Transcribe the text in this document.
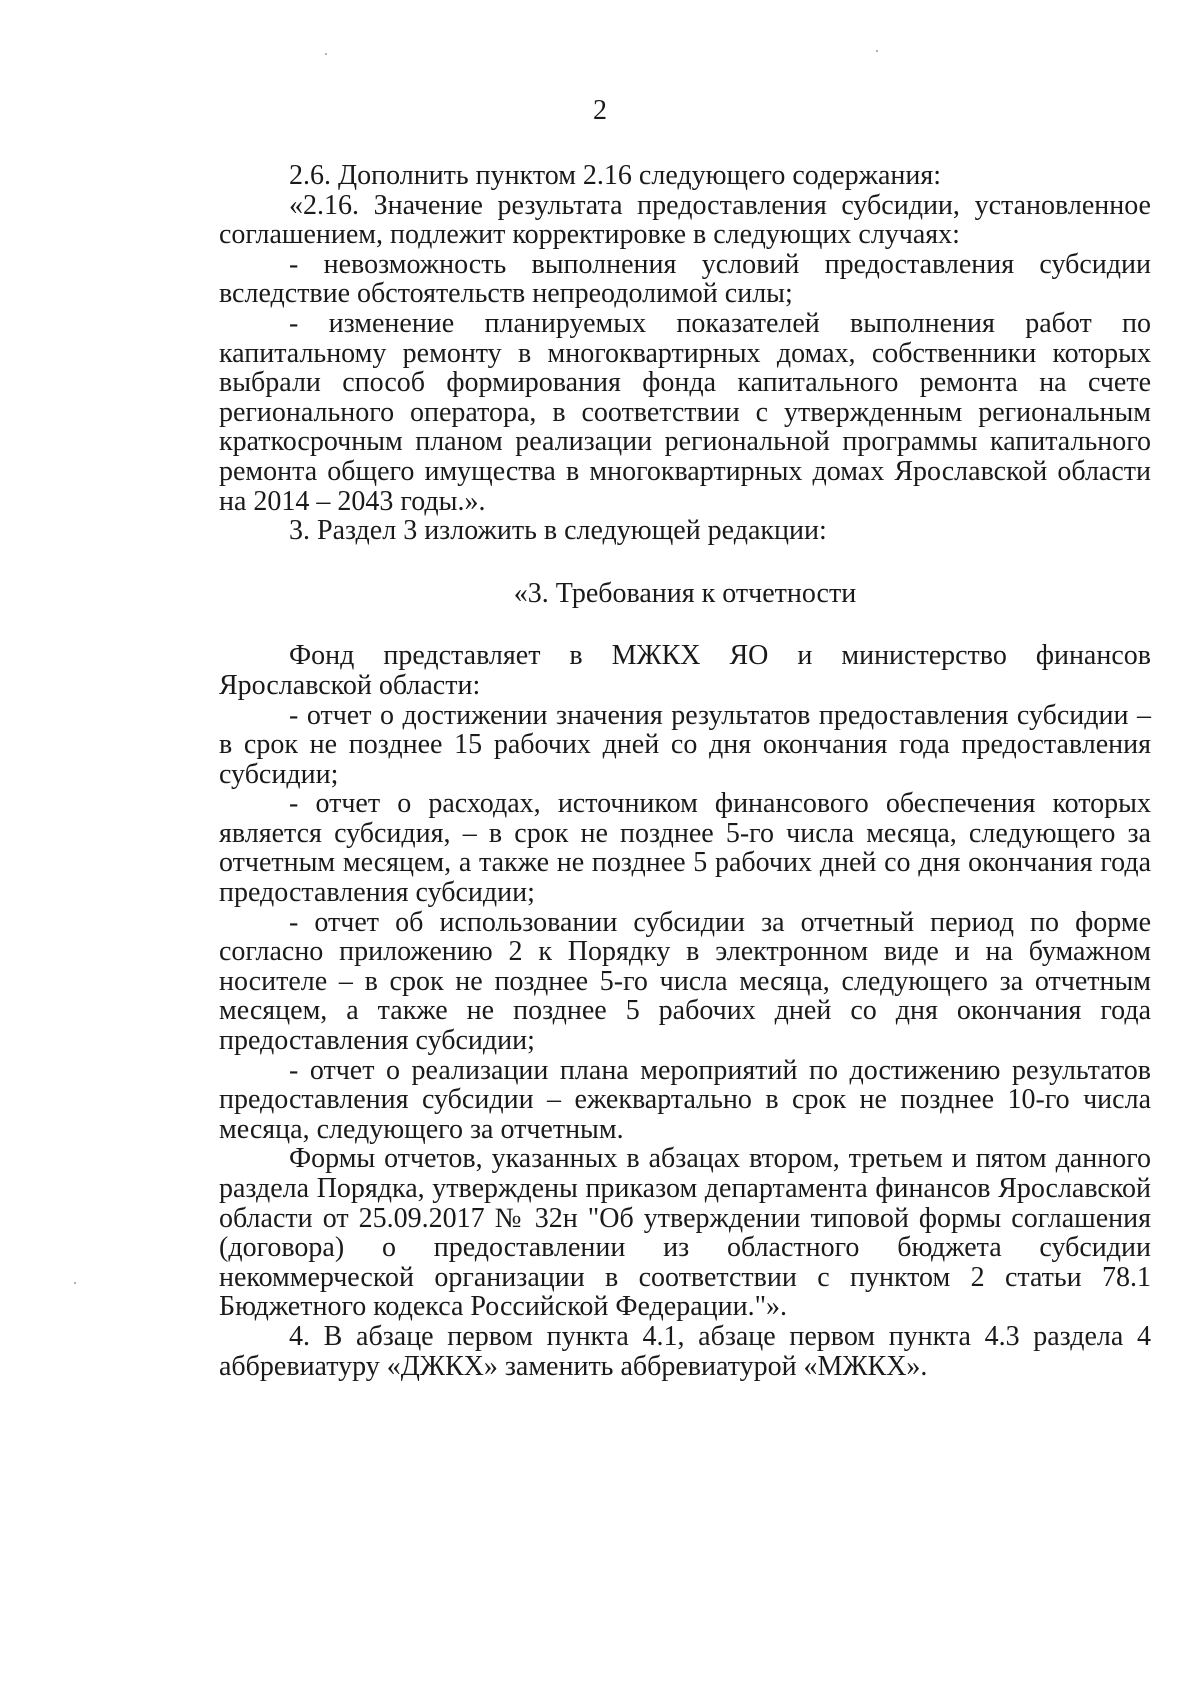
2

2.6. Дополнить пунктом 2.16 следующего содержания:

«2.16. Значение результата предоставления субсидии, установленное соглашением, подлежит корректировке в следующих случаях:

- невозможность выполнения условий предоставления субсидии вследствие обстоятельств непреодолимой силы;

- изменение планируемых показателей выполнения работ по капитальному ремонту в многоквартирных домах, собственники которых выбрали способ формирования фонда капитального ремонта на счете регионального оператора, в соответствии с утвержденным региональным краткосрочным планом реализации региональной программы капитального ремонта общего имущества в многоквартирных домах Ярославской области на 2014 – 2043 годы.».

3. Раздел 3 изложить в следующей редакции:

«3. Требования к отчетности

Фонд представляет в МЖКХ ЯО и министерство финансов Ярославской области:

- отчет о достижении значения результатов предоставления субсидии – в срок не позднее 15 рабочих дней со дня окончания года предоставления субсидии;

- отчет о расходах, источником финансового обеспечения которых является субсидия, – в срок не позднее 5-го числа месяца, следующего за отчетным месяцем, а также не позднее 5 рабочих дней со дня окончания года предоставления субсидии;

- отчет об использовании субсидии за отчетный период по форме согласно приложению 2 к Порядку в электронном виде и на бумажном носителе – в срок не позднее 5-го числа месяца, следующего за отчетным месяцем, а также не позднее 5 рабочих дней со дня окончания года предоставления субсидии;

- отчет о реализации плана мероприятий по достижению результатов предоставления субсидии – ежеквартально в срок не позднее 10-го числа месяца, следующего за отчетным.

Формы отчетов, указанных в абзацах втором, третьем и пятом данного раздела Порядка, утверждены приказом департамента финансов Ярославской области от 25.09.2017 № 32н "Об утверждении типовой формы соглашения (договора) о предоставлении из областного бюджета субсидии некоммерческой организации в соответствии с пунктом 2 статьи 78.1 Бюджетного кодекса Российской Федерации."».

4. В абзаце первом пункта 4.1, абзаце первом пункта 4.3 раздела 4 аббревиатуру «ДЖКХ» заменить аббревиатурой «МЖКХ».
